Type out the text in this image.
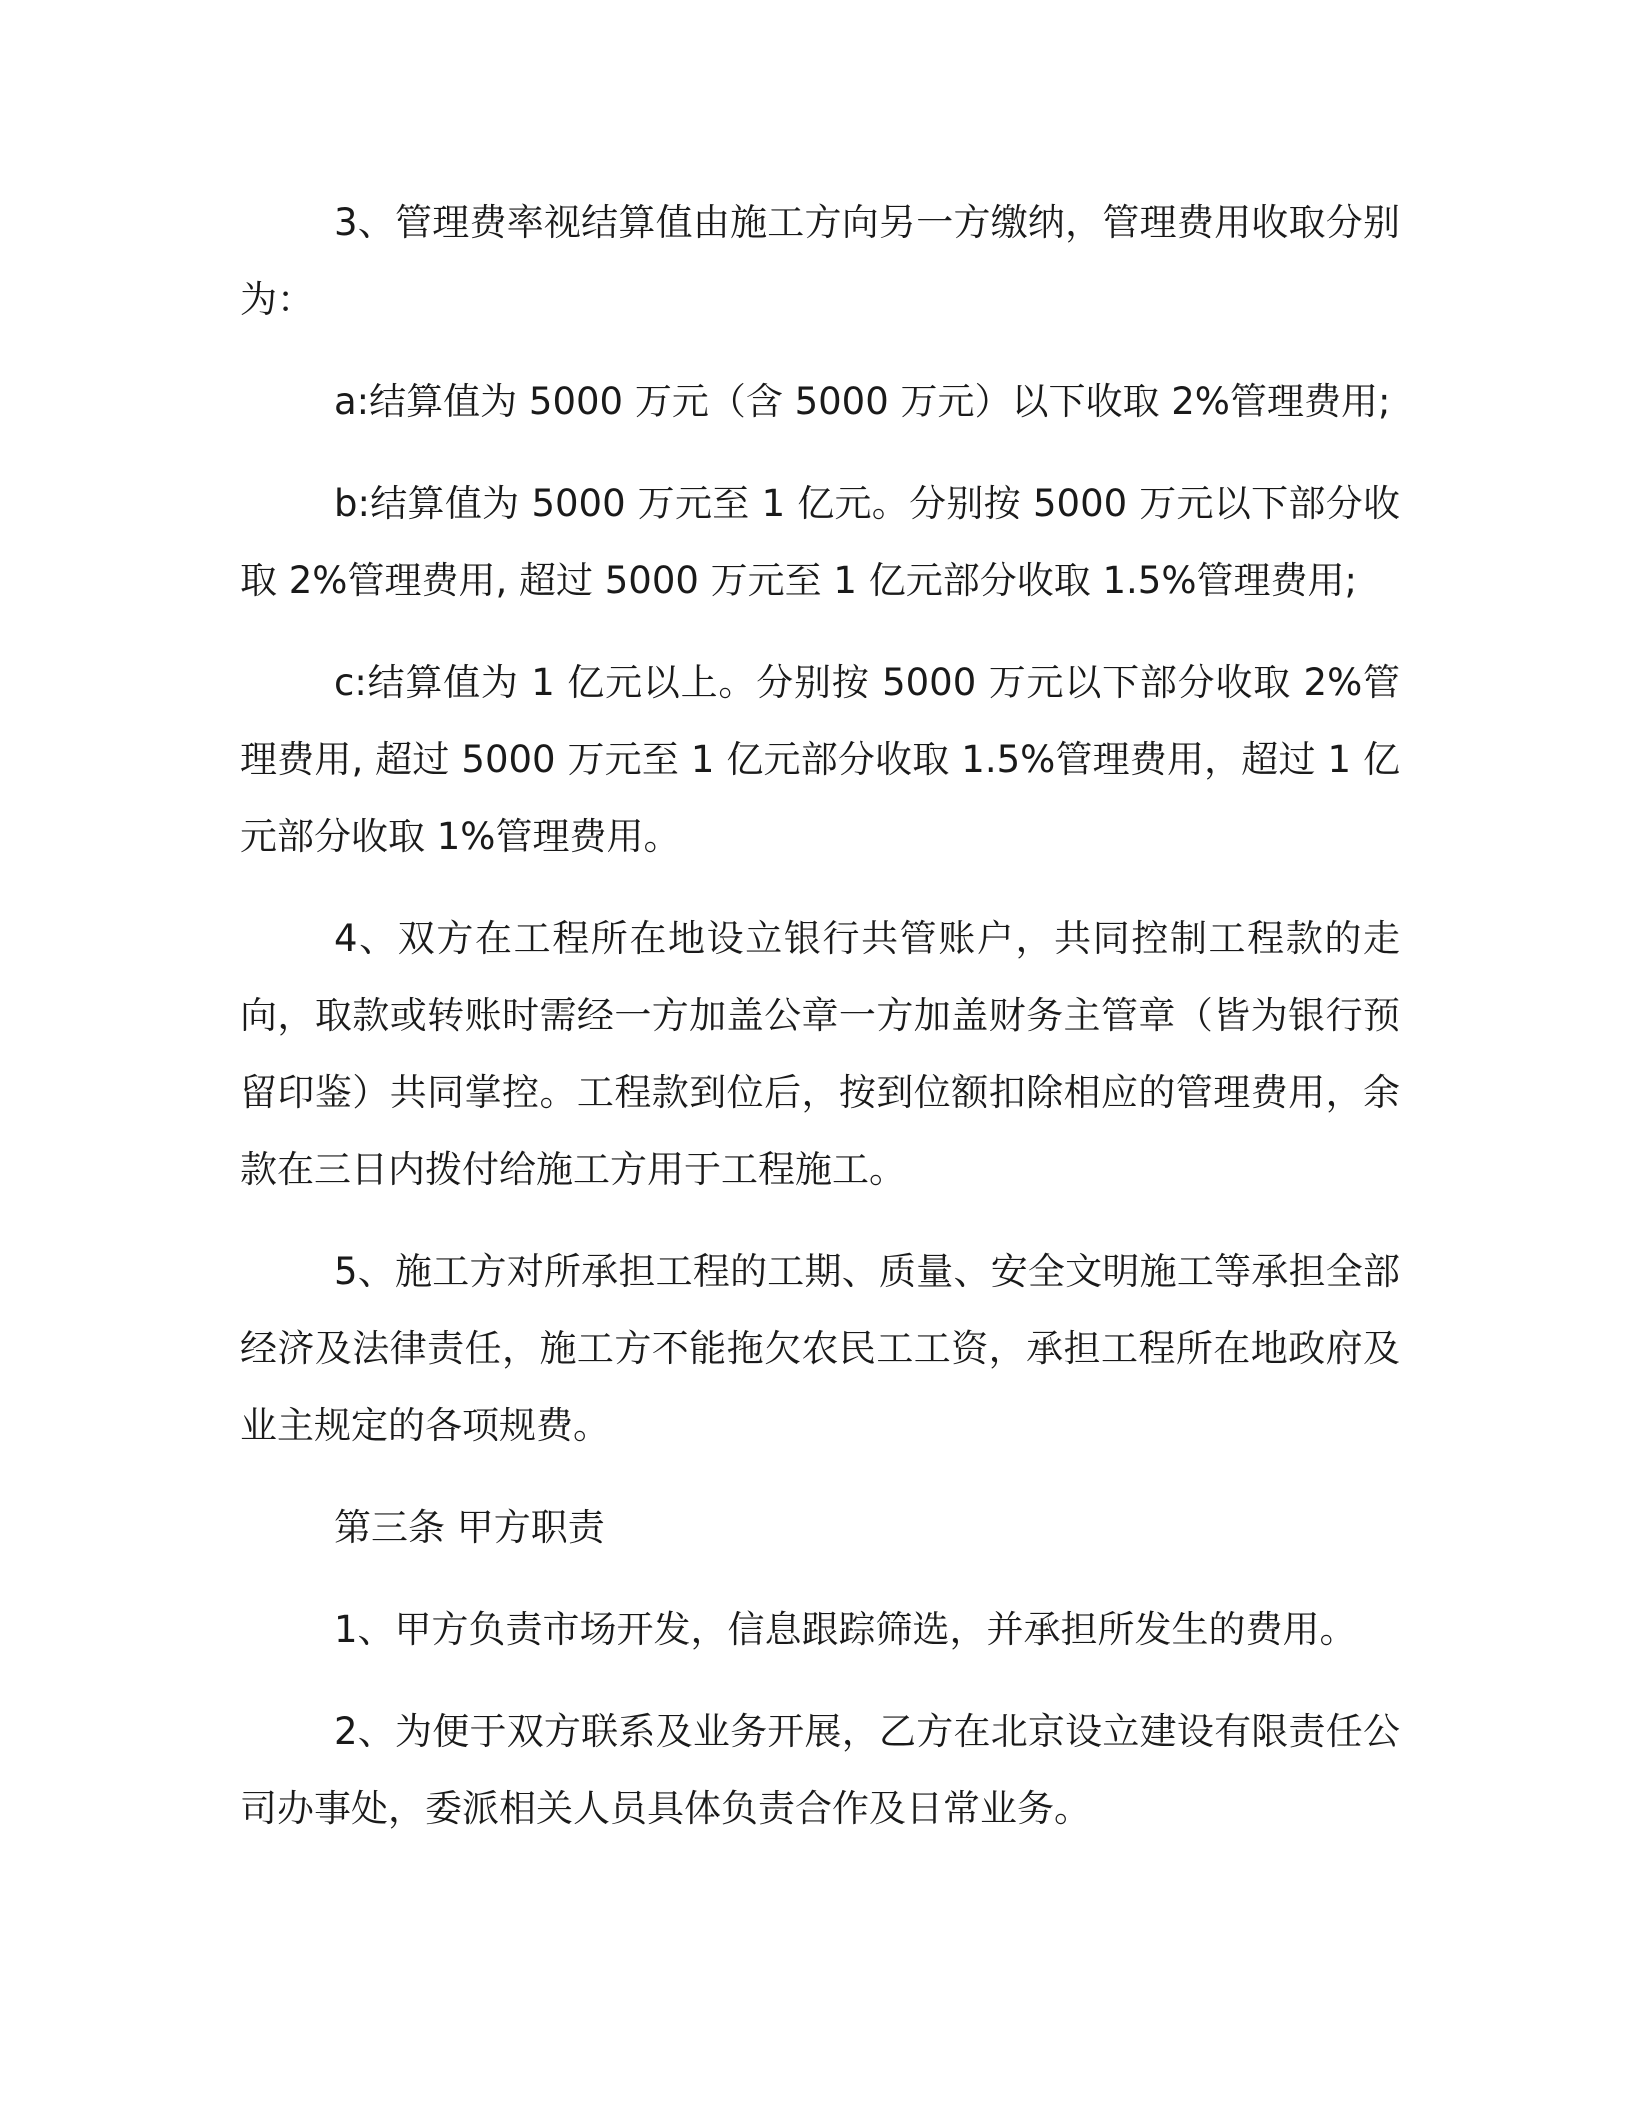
3、管理费率视结算值由施工方向另一方缴纳，管理费用收取分别为：

a:结算值为 5000 万元（含 5000 万元）以下收取 2%管理费用;

b:结算值为 5000 万元至 1 亿元。分别按 5000 万元以下部分收取 2%管理费用, 超过 5000 万元至 1 亿元部分收取 1.5%管理费用;

c:结算值为 1 亿元以上。分别按 5000 万元以下部分收取 2%管理费用, 超过 5000 万元至 1 亿元部分收取 1.5%管理费用，超过 1 亿元部分收取 1%管理费用。

4、双方在工程所在地设立银行共管账户，共同控制工程款的走向，取款或转账时需经一方加盖公章一方加盖财务主管章（皆为银行预留印鉴）共同掌控。工程款到位后，按到位额扣除相应的管理费用，余款在三日内拨付给施工方用于工程施工。

5、施工方对所承担工程的工期、质量、安全文明施工等承担全部经济及法律责任，施工方不能拖欠农民工工资，承担工程所在地政府及业主规定的各项规费。

第三条 甲方职责

1、甲方负责市场开发，信息跟踪筛选，并承担所发生的费用。

2、为便于双方联系及业务开展，乙方在北京设立建设有限责任公司办事处，委派相关人员具体负责合作及日常业务。
